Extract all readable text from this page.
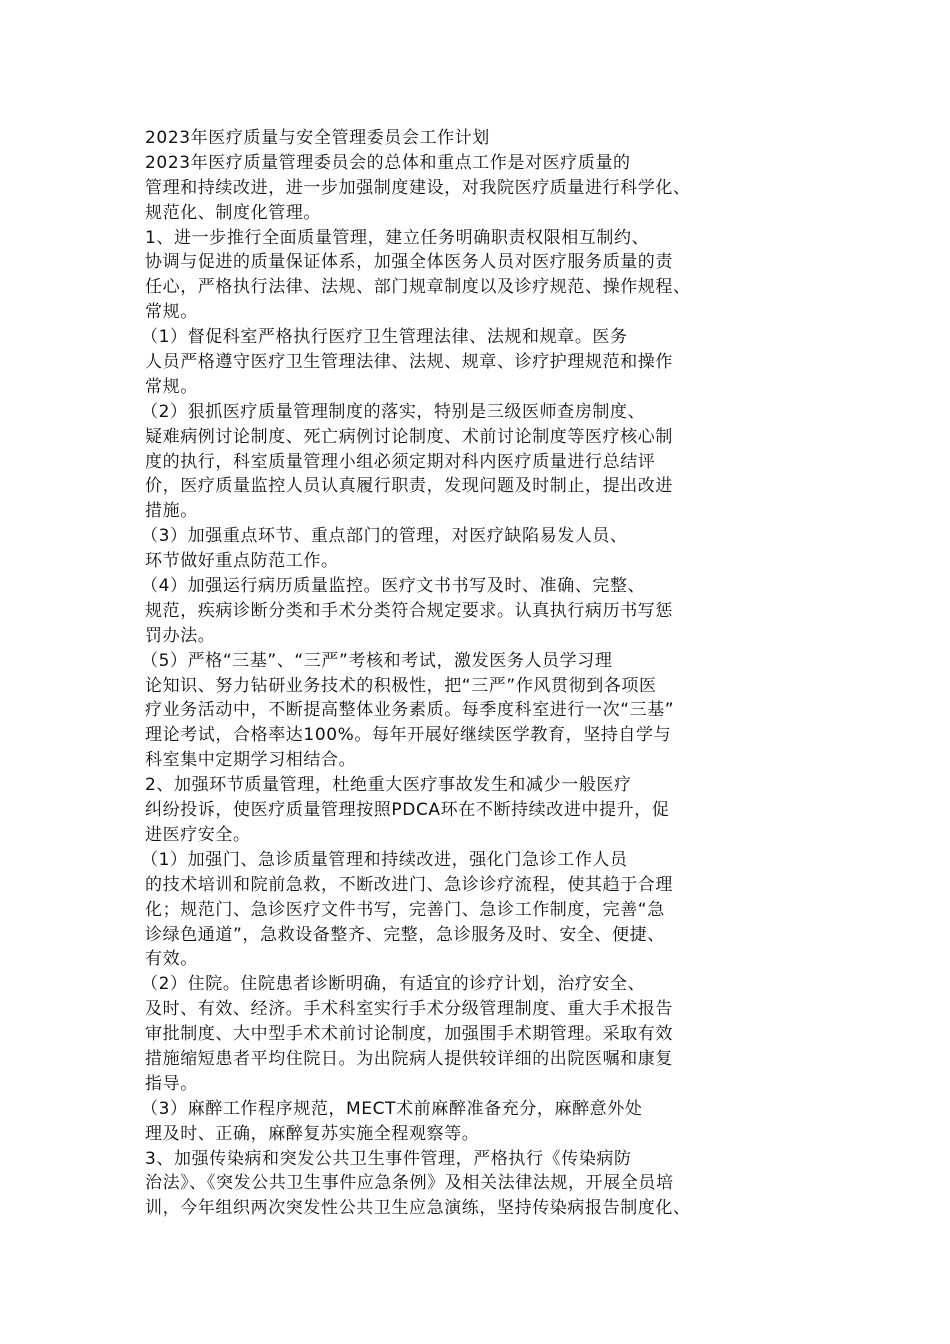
2023年医疗质量与安全管理委员会工作计划
2023年医疗质量管理委员会的总体和重点工作是对医疗质量的
管理和持续改进，进一步加强制度建设，对我院医疗质量进行科学化、
规范化、制度化管理。
1、进一步推行全面质量管理，建立任务明确职责权限相互制约、
协调与促进的质量保证体系，加强全体医务人员对医疗服务质量的责
任心，严格执行法律、法规、部门规章制度以及诊疗规范、操作规程、
常规。
（1）督促科室严格执行医疗卫生管理法律、法规和规章。医务
人员严格遵守医疗卫生管理法律、法规、规章、诊疗护理规范和操作
常规。
（2）狠抓医疗质量管理制度的落实，特别是三级医师查房制度、
疑难病例讨论制度、死亡病例讨论制度、术前讨论制度等医疗核心制
度的执行，科室质量管理小组必须定期对科内医疗质量进行总结评
价，医疗质量监控人员认真履行职责，发现问题及时制止，提出改进
措施。
（3）加强重点环节、重点部门的管理，对医疗缺陷易发人员、
环节做好重点防范工作。
（4）加强运行病历质量监控。医疗文书书写及时、准确、完整、
规范，疾病诊断分类和手术分类符合规定要求。认真执行病历书写惩
罚办法。
（5）严格“三基”、“三严”考核和考试，激发医务人员学习理
论知识、努力钻研业务技术的积极性，把“三严”作风贯彻到各项医
疗业务活动中，不断提高整体业务素质。每季度科室进行一次“三基”
理论考试，合格率达100%。每年开展好继续医学教育，坚持自学与
科室集中定期学习相结合。
2、加强环节质量管理，杜绝重大医疗事故发生和减少一般医疗
纠纷投诉，使医疗质量管理按照PDCA环在不断持续改进中提升，促
进医疗安全。
（1）加强门、急诊质量管理和持续改进，强化门急诊工作人员
的技术培训和院前急救，不断改进门、急诊诊疗流程，使其趋于合理
化；规范门、急诊医疗文件书写，完善门、急诊工作制度，完善“急
诊绿色通道”，急救设备整齐、完整，急诊服务及时、安全、便捷、
有效。
（2）住院。住院患者诊断明确，有适宜的诊疗计划，治疗安全、
及时、有效、经济。手术科室实行手术分级管理制度、重大手术报告
审批制度、大中型手术术前讨论制度，加强围手术期管理。采取有效
措施缩短患者平均住院日。为出院病人提供较详细的出院医嘱和康复
指导。
（3）麻醉工作程序规范，MECT术前麻醉准备充分，麻醉意外处
理及时、正确，麻醉复苏实施全程观察等。
3、加强传染病和突发公共卫生事件管理，严格执行《传染病防
治法》、《突发公共卫生事件应急条例》及相关法律法规，开展全员培
训，今年组织两次突发性公共卫生应急演练，坚持传染病报告制度化、
